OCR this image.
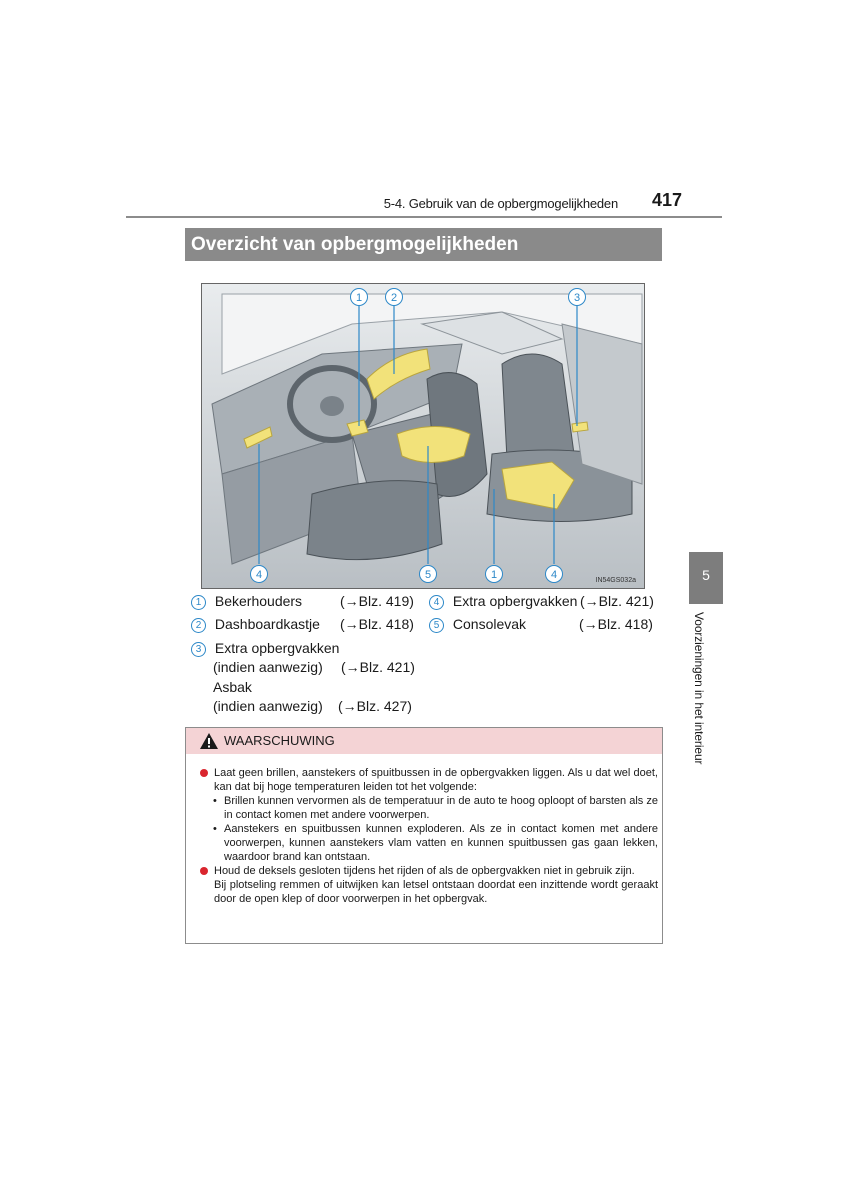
5-4. Gebruik van de opbergmogelijkheden 417
Overzicht van opbergmogelijkheden
1	2	3
4	5	1	4	IN54GS032a
1 Bekerhouders	(→Blz. 419)
2 Dashboardkastje (→Blz. 418)
3 Extra opbergvakken
(indien aanwezig) (→Blz. 421)
Asbak
(indien aanwezig) (→Blz. 427)
4 Extra opbergvakken (→Blz. 421)
5 Consolevak	(→Blz. 418)
5
Voorzieningen in het interieur
WAARSCHUWING

Laat geen brillen, aanstekers of spuitbussen in de opbergvakken liggen. Als u dat wel doet, kan dat bij hoge temperaturen leiden tot het volgende:

• Brillen kunnen vervormen als de temperatuur in de auto te hoog oploopt of barsten als ze in contact komen met andere voorwerpen.

• Aanstekers en spuitbussen kunnen exploderen. Als ze in contact komen met andere voorwerpen, kunnen aanstekers vlam vatten en kunnen spuitbussen gas gaan lekken, waardoor brand kan ontstaan.

Houd de deksels gesloten tijdens het rijden of als de opbergvakken niet in gebruik zijn.

Bij plotseling remmen of uitwijken kan letsel ontstaan doordat een inzittende wordt geraakt door de open klep of door voorwerpen in het opbergvak.
